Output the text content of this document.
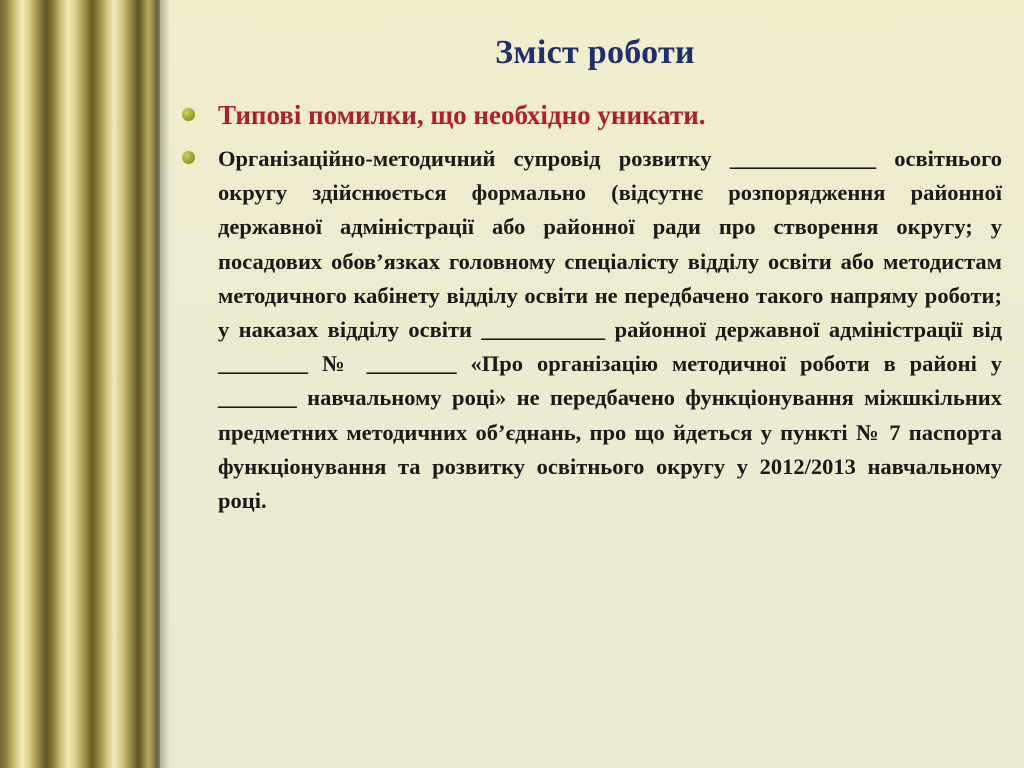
Зміст роботи
Типові помилки, що необхідно уникати.
Організаційно-методичний супровід розвитку _____________ освітнього округу здійснюється формально (відсутнє розпорядження районної державної адміністрації або районної ради про створення округу; у посадових обов’язках головному спеціалісту відділу освіти або методистам методичного кабінету відділу освіти не передбачено такого напряму роботи; у наказах відділу освіти ___________ районної державної адміністрації від ________ № ________ «Про організацію методичної роботи в районі у _______ навчальному році» не передбачено функціонування міжшкільних предметних методичних об’єднань, про що йдеться у пункті № 7 паспорта функціонування та розвитку освітнього округу у 2012/2013 навчальному році.
